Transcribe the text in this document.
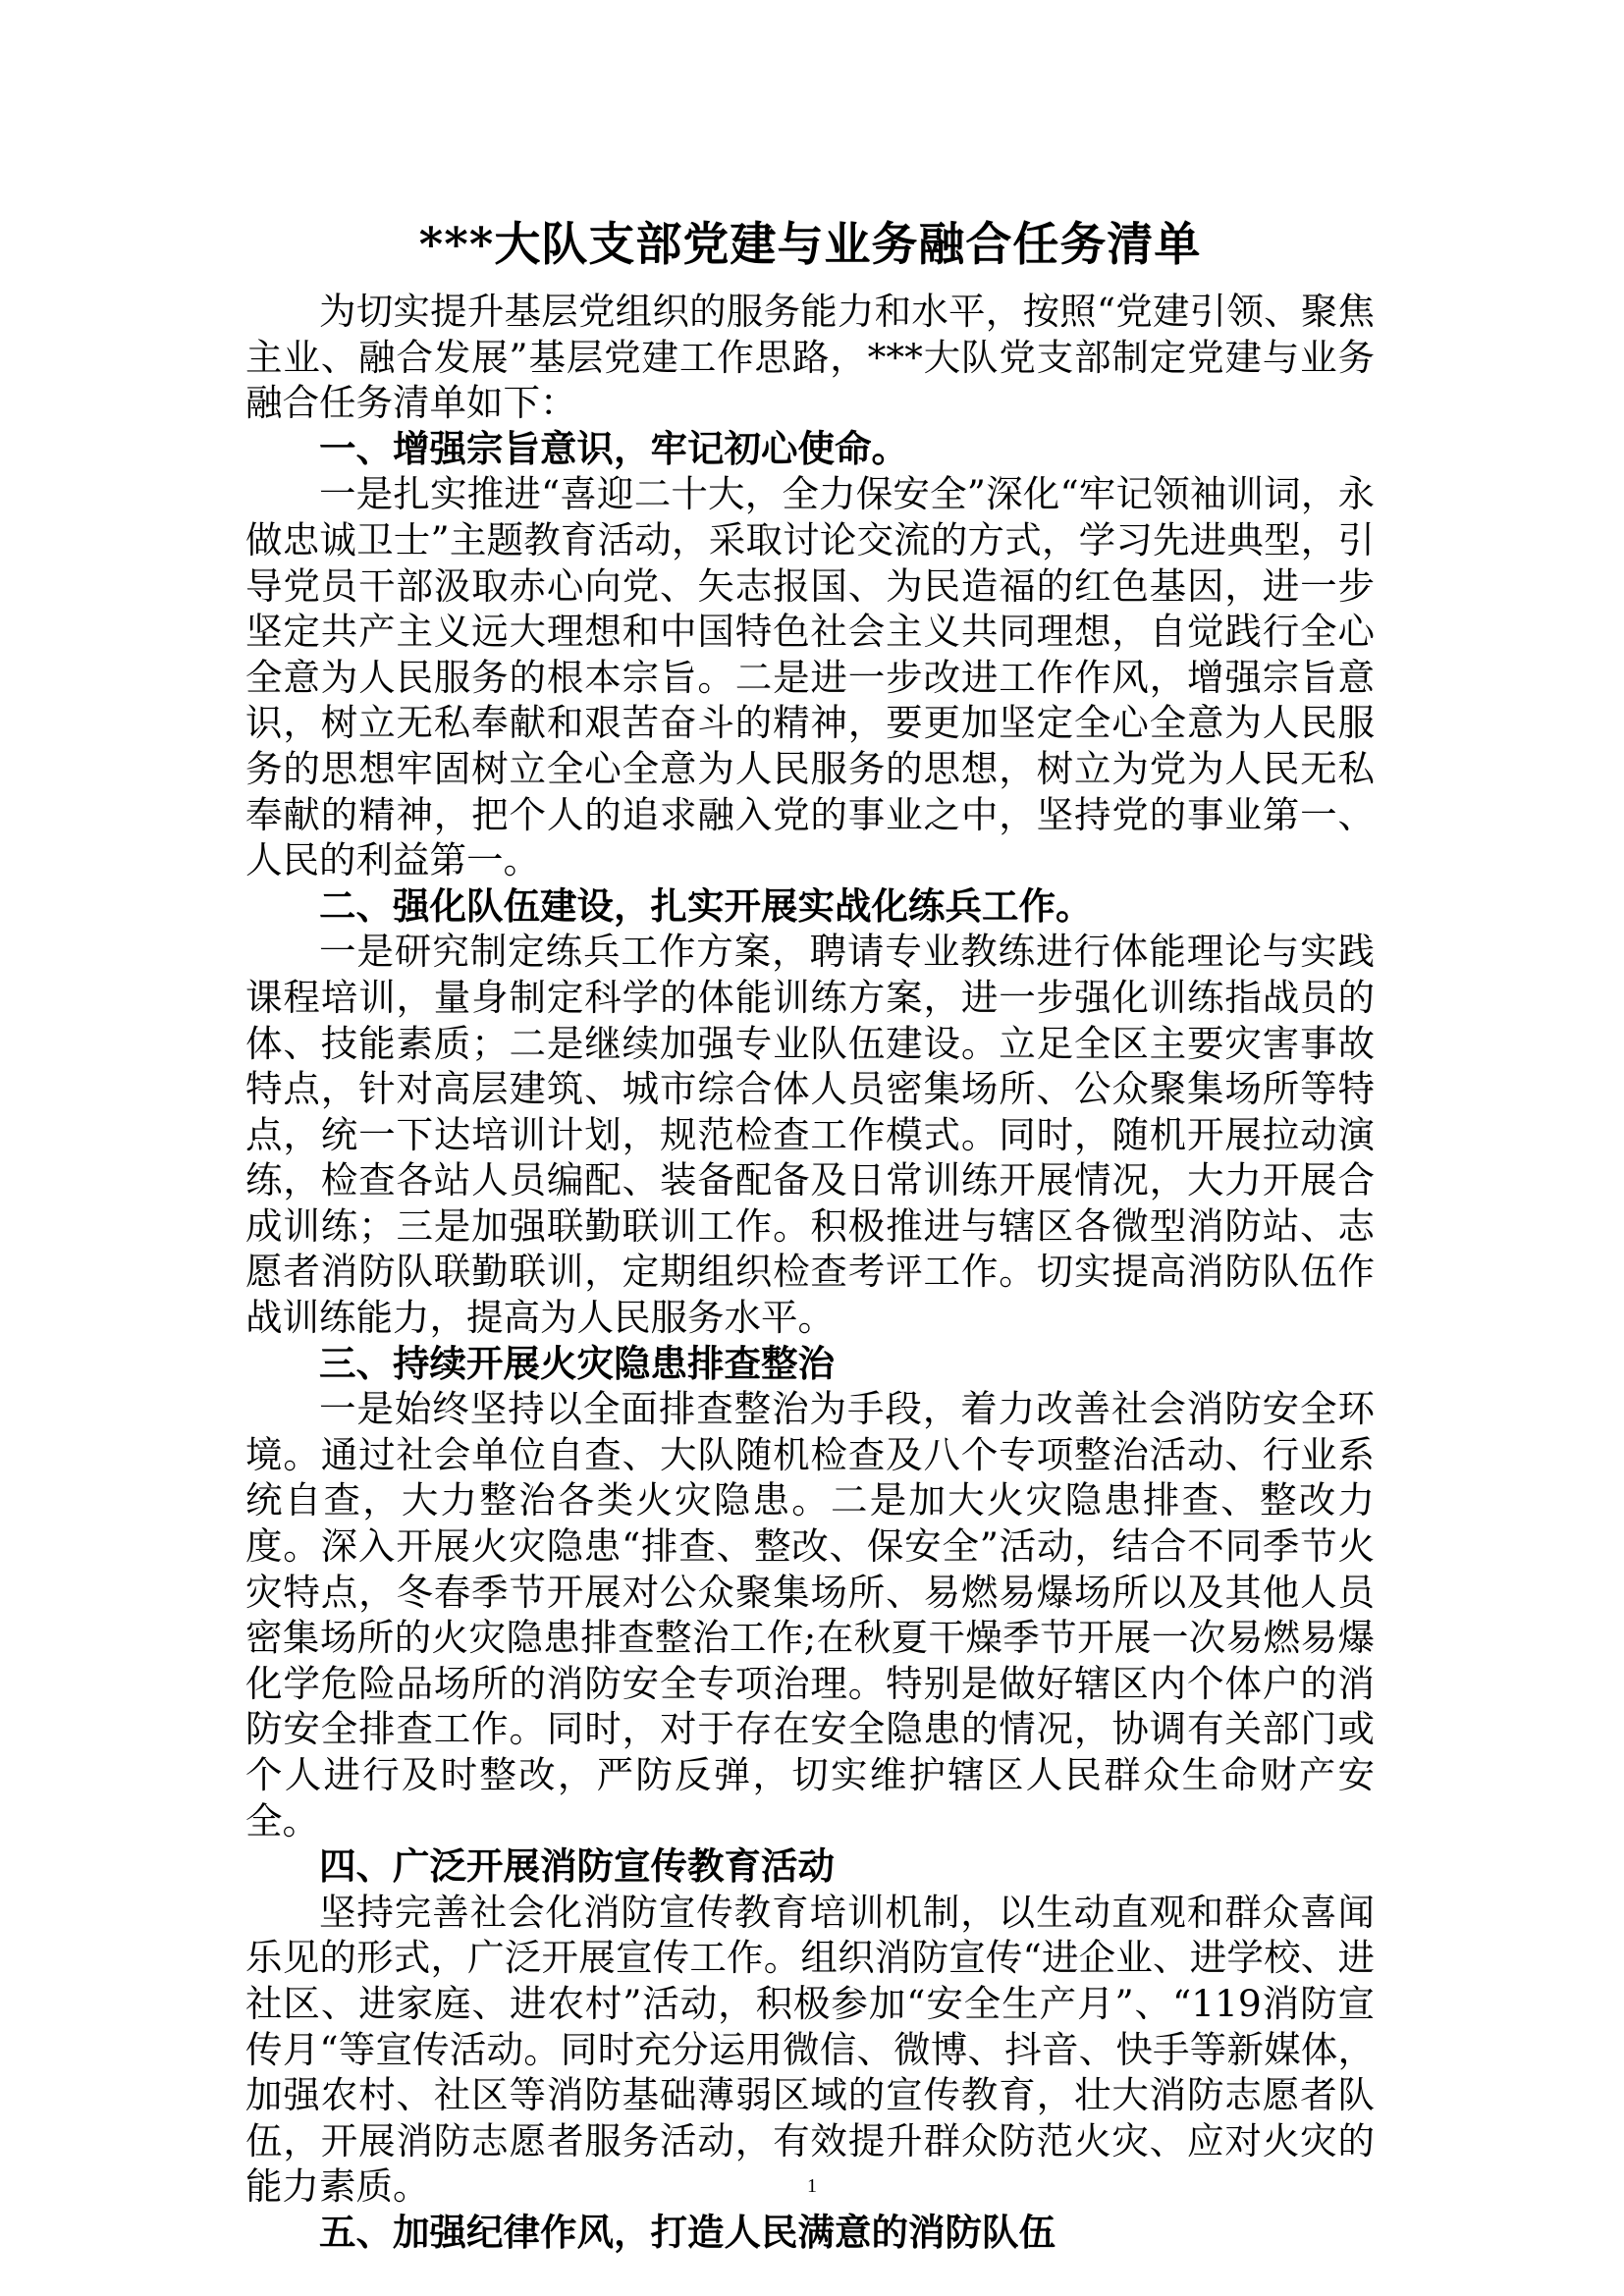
***大队支部党建与业务融合任务清单

为切实提升基层党组织的服务能力和水平，按照“党建引领、聚焦主业、融合发展”基层党建工作思路，***大队党支部制定党建与业务融合任务清单如下：

一、增强宗旨意识，牢记初心使命。

一是扎实推进“喜迎二十大，全力保安全”深化“牢记领袖训词，永做忠诚卫士”主题教育活动，采取讨论交流的方式，学习先进典型，引导党员干部汲取赤心向党、矢志报国、为民造福的红色基因，进一步坚定共产主义远大理想和中国特色社会主义共同理想，自觉践行全心全意为人民服务的根本宗旨。二是进一步改进工作作风，增强宗旨意识，树立无私奉献和艰苦奋斗的精神，要更加坚定全心全意为人民服务的思想牢固树立全心全意为人民服务的思想，树立为党为人民无私奉献的精神，把个人的追求融入党的事业之中，坚持党的事业第一、人民的利益第一。

二、强化队伍建设，扎实开展实战化练兵工作。

一是研究制定练兵工作方案，聘请专业教练进行体能理论与实践课程培训，量身制定科学的体能训练方案，进一步强化训练指战员的体、技能素质；二是继续加强专业队伍建设。立足全区主要灾害事故特点，针对高层建筑、城市综合体人员密集场所、公众聚集场所等特点，统一下达培训计划，规范检查工作模式。同时，随机开展拉动演练，检查各站人员编配、装备配备及日常训练开展情况，大力开展合成训练；三是加强联勤联训工作。积极推进与辖区各微型消防站、志愿者消防队联勤联训，定期组织检查考评工作。切实提高消防队伍作战训练能力，提高为人民服务水平。

三、持续开展火灾隐患排查整治

一是始终坚持以全面排查整治为手段，着力改善社会消防安全环境。通过社会单位自查、大队随机检查及八个专项整治活动、行业系统自查，大力整治各类火灾隐患。二是加大火灾隐患排查、整改力度。深入开展火灾隐患“排查、整改、保安全”活动，结合不同季节火灾特点，冬春季节开展对公众聚集场所、易燃易爆场所以及其他人员密集场所的火灾隐患排查整治工作;在秋夏干燥季节开展一次易燃易爆化学危险品场所的消防安全专项治理。特别是做好辖区内个体户的消防安全排查工作。同时，对于存在安全隐患的情况，协调有关部门或个人进行及时整改，严防反弹，切实维护辖区人民群众生命财产安全。

四、广泛开展消防宣传教育活动

坚持完善社会化消防宣传教育培训机制，以生动直观和群众喜闻乐见的形式，广泛开展宣传工作。组织消防宣传“进企业、进学校、进社区、进家庭、进农村”活动，积极参加“安全生产月”、“119消防宣传月“等宣传活动。同时充分运用微信、微博、抖音、快手等新媒体，加强农村、社区等消防基础薄弱区域的宣传教育，壮大消防志愿者队伍，开展消防志愿者服务活动，有效提升群众防范火灾、应对火灾的能力素质。

五、加强纪律作风，打造人民满意的消防队伍

1
